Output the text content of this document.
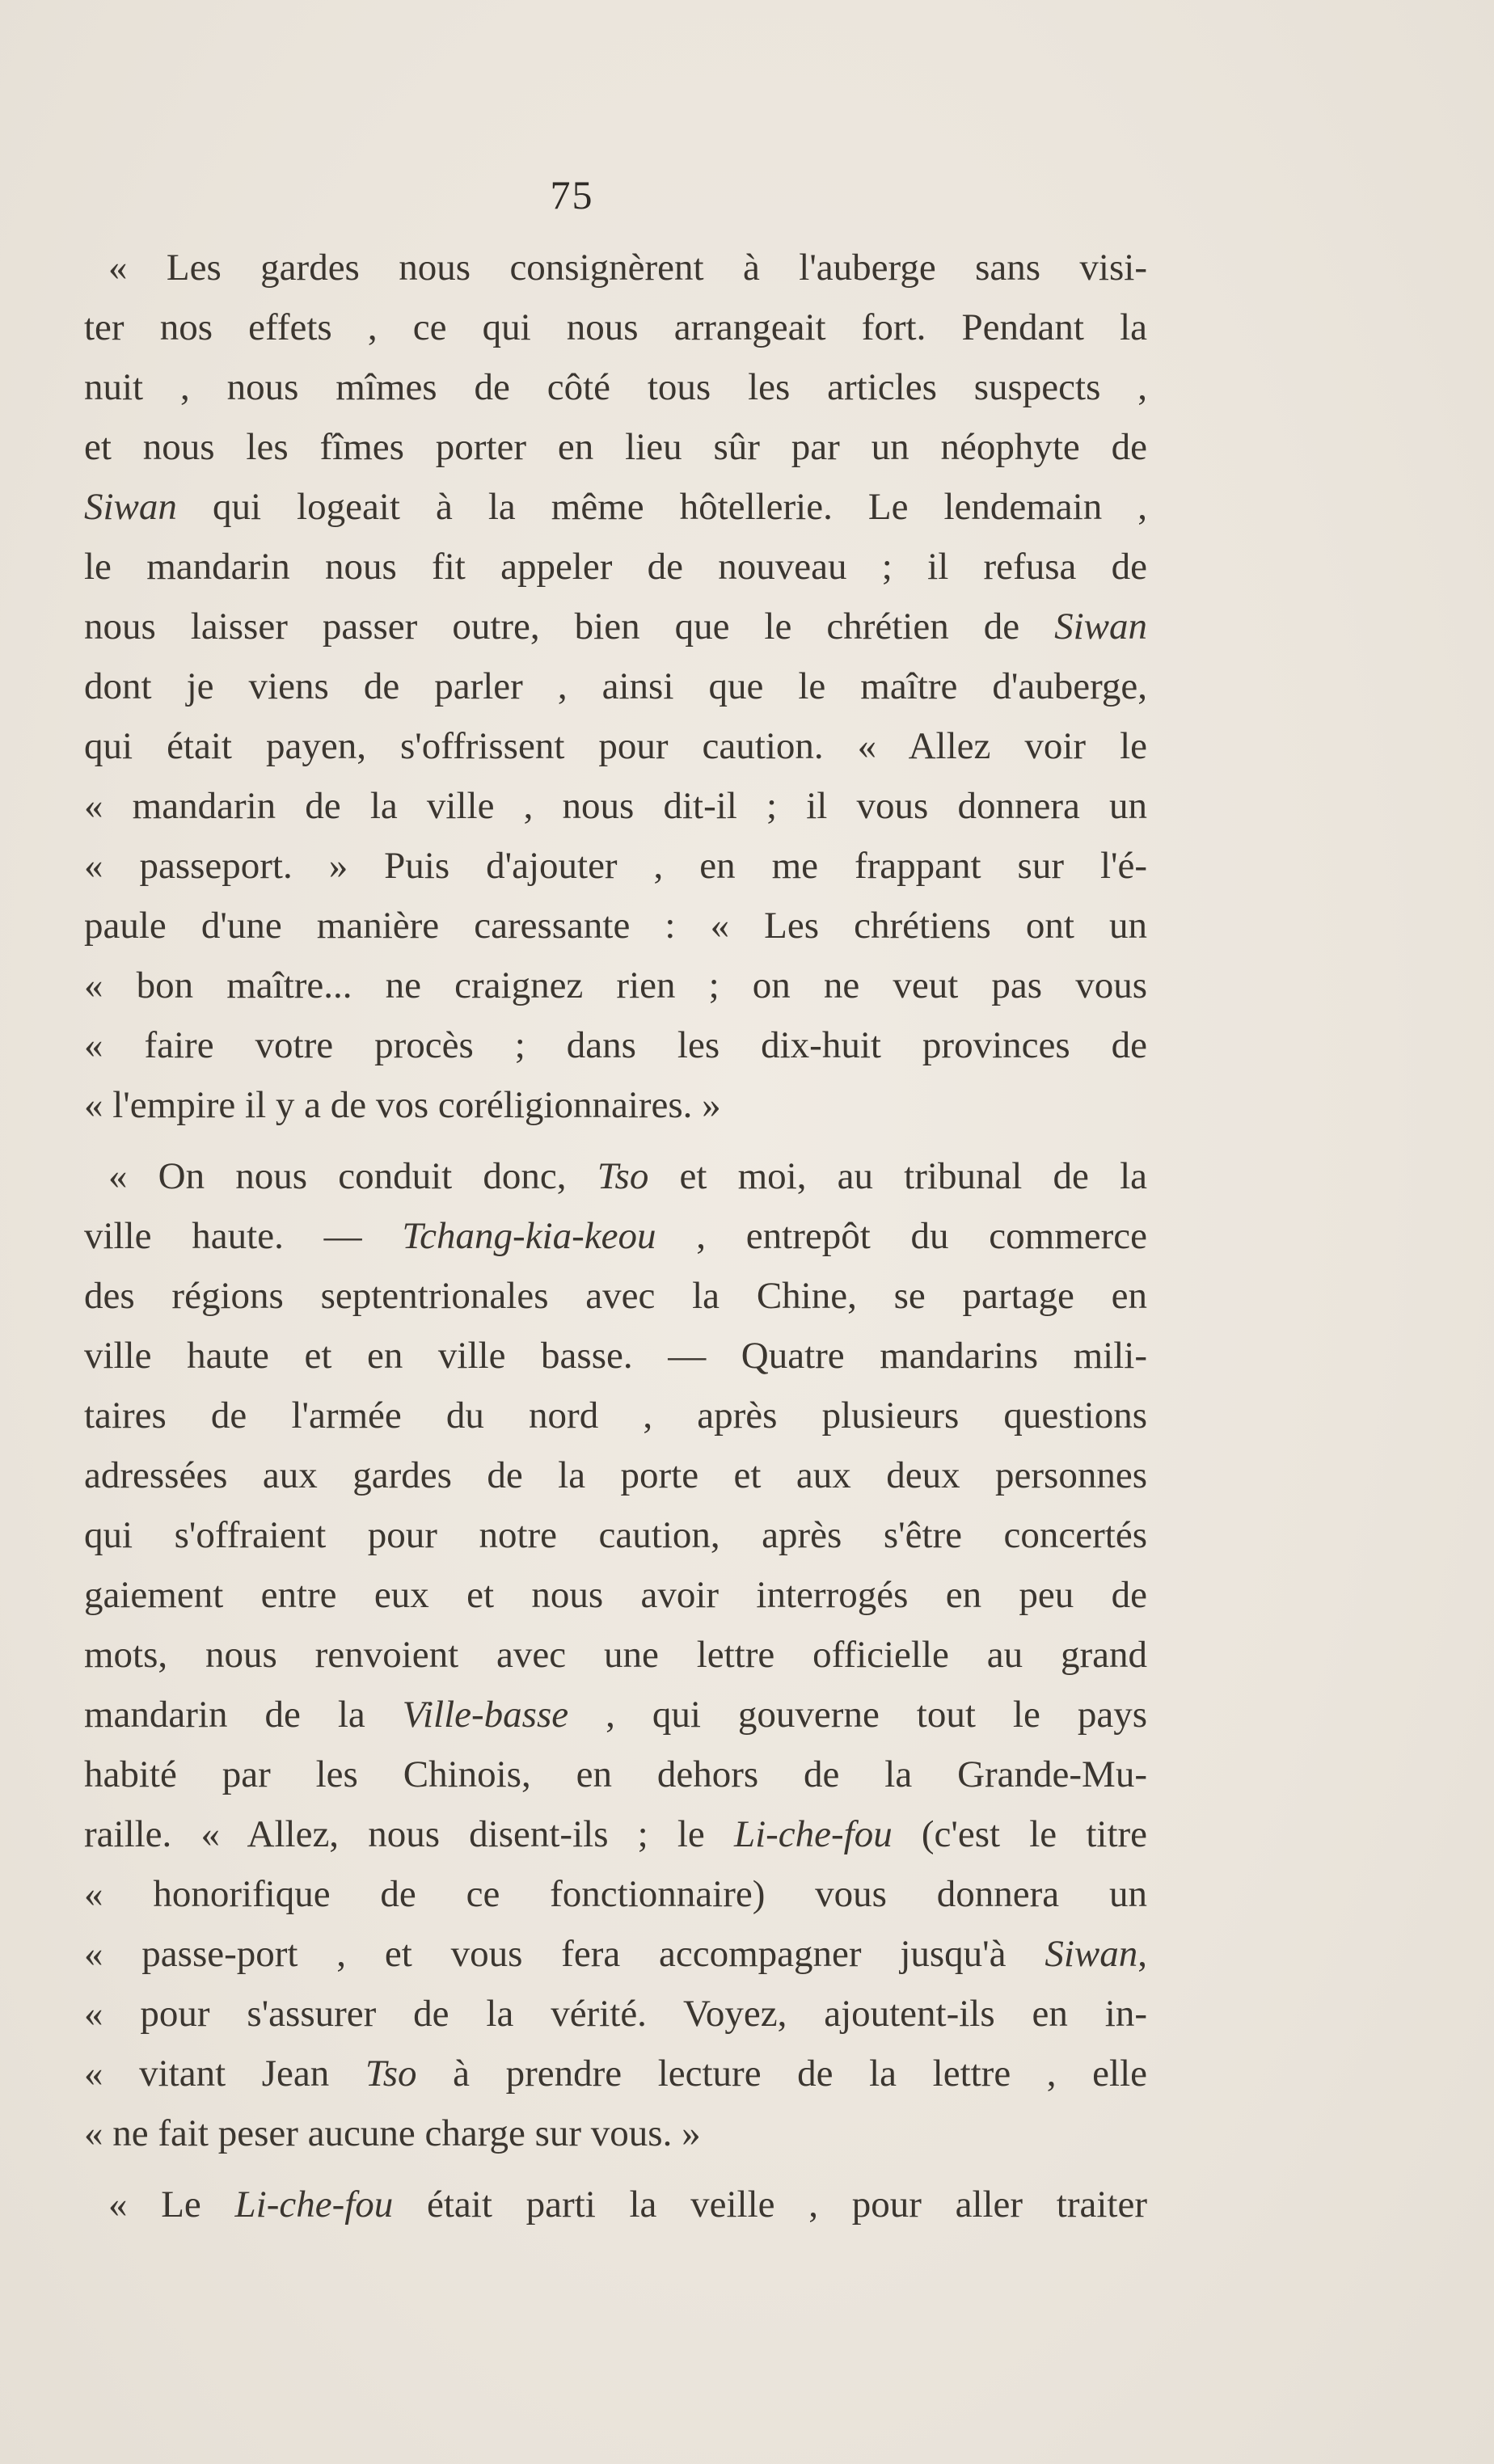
75
« Les gardes nous consignèrent à l'auberge sans visi-
ter nos effets , ce qui nous arrangeait fort. Pendant la
nuit , nous mîmes de côté tous les articles suspects ,
et nous les fîmes porter en lieu sûr par un néophyte de
Siwan qui logeait à la même hôtellerie. Le lendemain ,
le mandarin nous fit appeler de nouveau ; il refusa de
nous laisser passer outre, bien que le chrétien de Siwan
dont je viens de parler , ainsi que le maître d'auberge,
qui était payen, s'offrissent pour caution. « Allez voir le
« mandarin de la ville , nous dit-il ; il vous donnera un
« passeport. » Puis d'ajouter , en me frappant sur l'é-
paule d'une manière caressante : « Les chrétiens ont un
« bon maître... ne craignez rien ; on ne veut pas vous
« faire votre procès ; dans les dix-huit provinces de
« l'empire il y a de vos coréligionnaires. »
« On nous conduit donc, Tso et moi, au tribunal de la
ville haute. — Tchang-kia-keou , entrepôt du commerce
des régions septentrionales avec la Chine, se partage en
ville haute et en ville basse. — Quatre mandarins mili-
taires de l'armée du nord , après plusieurs questions
adressées aux gardes de la porte et aux deux personnes
qui s'offraient pour notre caution, après s'être concertés
gaiement entre eux et nous avoir interrogés en peu de
mots, nous renvoient avec une lettre officielle au grand
mandarin de la Ville-basse , qui gouverne tout le pays
habité par les Chinois, en dehors de la Grande-Mu-
raille. « Allez, nous disent-ils ; le Li-che-fou (c'est le titre
« honorifique de ce fonctionnaire) vous donnera un
« passe-port , et vous fera accompagner jusqu'à Siwan,
« pour s'assurer de la vérité. Voyez, ajoutent-ils en in-
« vitant Jean Tso à prendre lecture de la lettre , elle
« ne fait peser aucune charge sur vous. »
« Le Li-che-fou était parti la veille , pour aller traiter
